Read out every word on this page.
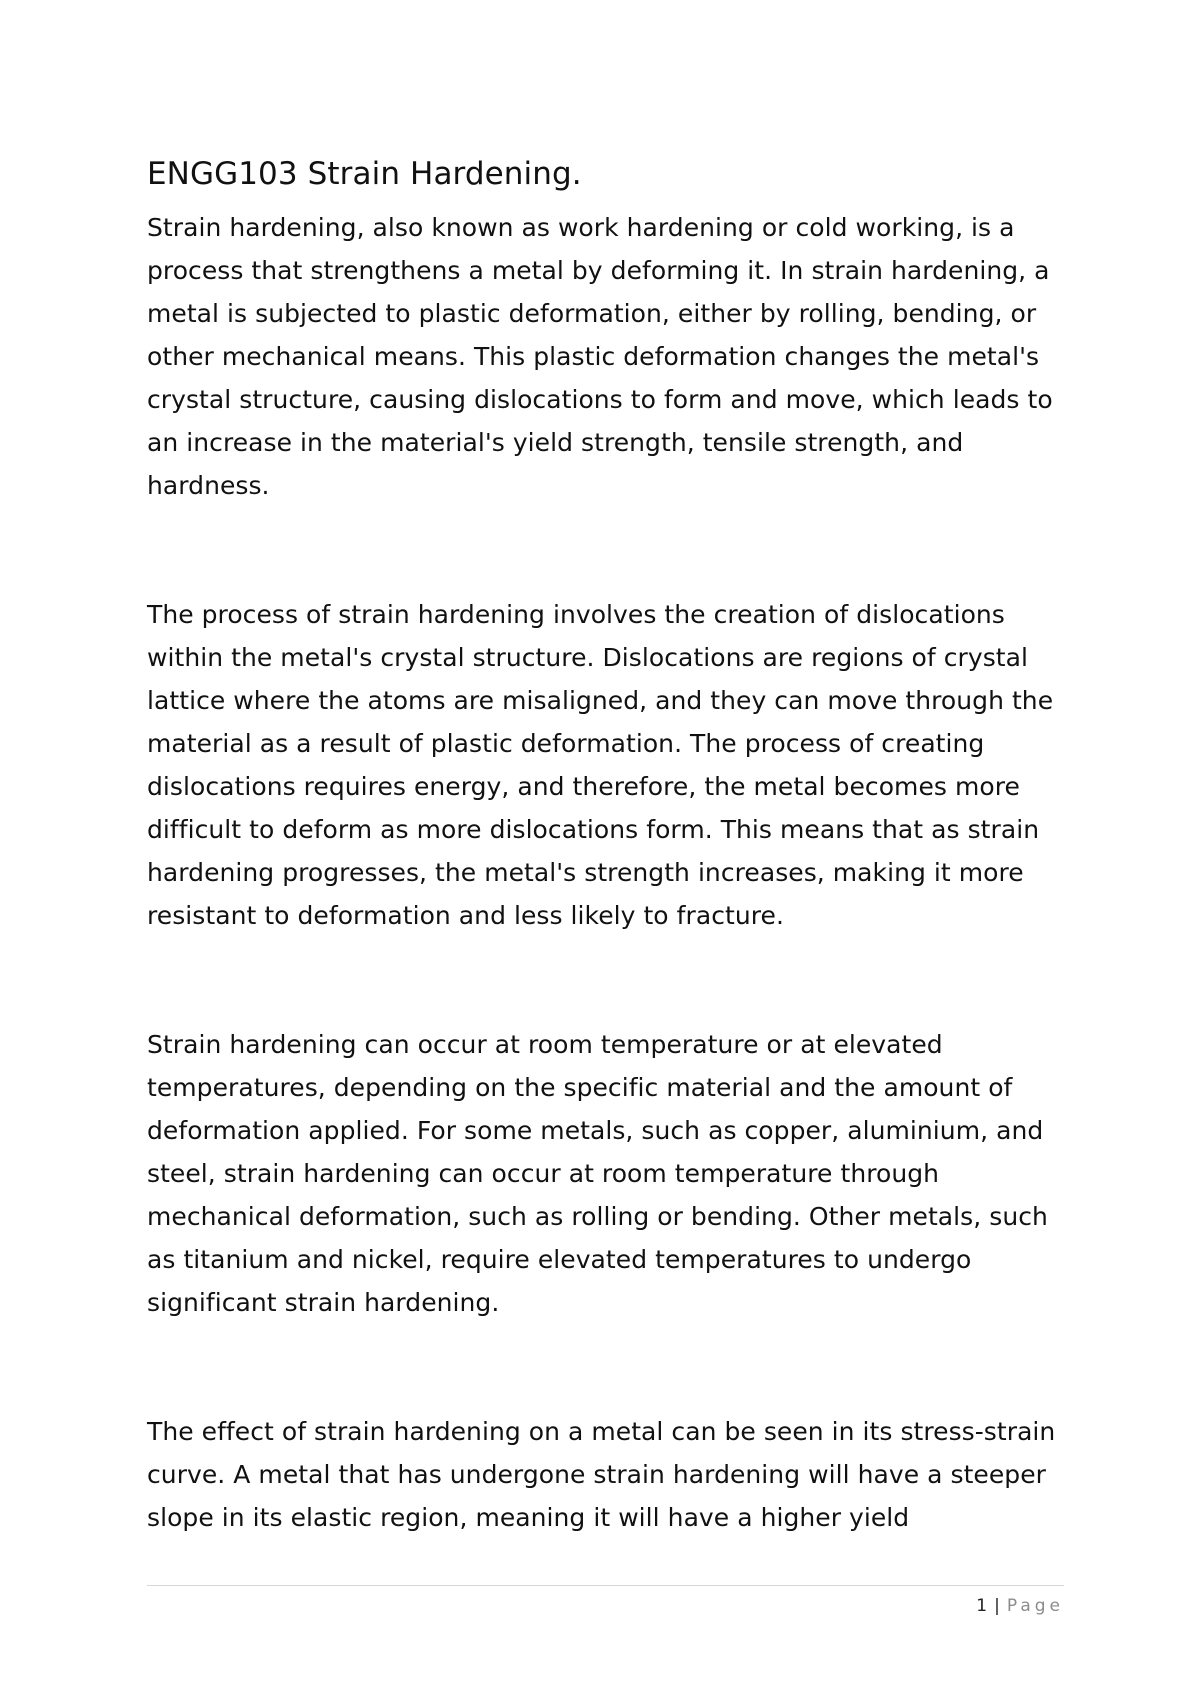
ENGG103 Strain Hardening.

Strain hardening, also known as work hardening or cold working, is a process that strengthens a metal by deforming it. In strain hardening, a metal is subjected to plastic deformation, either by rolling, bending, or other mechanical means. This plastic deformation changes the metal's crystal structure, causing dislocations to form and move, which leads to an increase in the material's yield strength, tensile strength, and hardness.

The process of strain hardening involves the creation of dislocations within the metal's crystal structure. Dislocations are regions of crystal lattice where the atoms are misaligned, and they can move through the material as a result of plastic deformation. The process of creating dislocations requires energy, and therefore, the metal becomes more difficult to deform as more dislocations form. This means that as strain hardening progresses, the metal's strength increases, making it more resistant to deformation and less likely to fracture.

Strain hardening can occur at room temperature or at elevated temperatures, depending on the specific material and the amount of deformation applied. For some metals, such as copper, aluminium, and steel, strain hardening can occur at room temperature through mechanical deformation, such as rolling or bending. Other metals, such as titanium and nickel, require elevated temperatures to undergo significant strain hardening.

The effect of strain hardening on a metal can be seen in its stress-strain curve. A metal that has undergone strain hardening will have a steeper slope in its elastic region, meaning it will have a higher yield

1 | Page
